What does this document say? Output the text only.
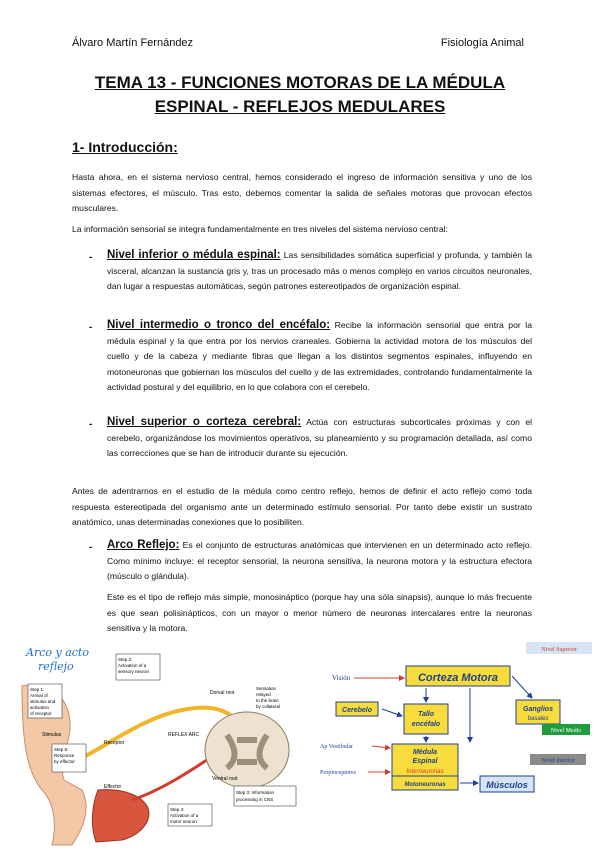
Álvaro Martín Fernández	Fisiología Animal
TEMA 13 - FUNCIONES MOTORAS DE LA MÉDULA
ESPINAL - REFLEJOS MEDULARES
1- Introducción:
Hasta ahora, en el sistema nervioso central, hemos considerado el ingreso de información sensitiva y uno de los sistemas efectores, el músculo. Tras esto, debemos comentar la salida de señales motoras que provocan efectos musculares.
La información sensorial se integra fundamentalmente en tres niveles del sistema nervioso central:
- Nivel inferior o médula espinal: Las sensibilidades somática superficial y profunda, y también la visceral, alcanzan la sustancia gris y, tras un procesado más o menos complejo en varios circuitos neuronales, dan lugar a respuestas automáticas, según patrones estereotipados de organización espinal.
- Nivel intermedio o tronco del encéfalo: Recibe la información sensorial que entra por la médula espinal y la que entra por los nervios craneales. Gobierna la actividad motora de los músculos del cuello y de la cabeza y mediante fibras que llegan a los distintos segmentos espinales, influyendo en motoneuronas que gobiernan los músculos del cuello y de las extremidades, controlando fundamentalmente la actividad postural y del equilibrio, en lo que colabora con el cerebelo.
- Nivel superior o corteza cerebral: Actúa con estructuras subcorticales próximas y con el cerebelo, organizándose los movimientos operativos, su planeamiento y su programación detallada, así como las correcciones que se han de introducir durante su ejecución.
Antes de adentrarnos en el estudio de la médula como centro reflejo, hemos de definir el acto reflejo como toda respuesta estereotipada del organismo ante un determinado estímulo sensorial. Por tanto debe existir un sustrato anatómico, unas determinadas conexiones que lo posibiliten.
- Arco Reflejo: Es el conjunto de estructuras anatómicas que intervienen en un determinado acto reflejo. Como mínimo incluye: el receptor sensorial, la neurona sensitiva, la neurona motora y la estructura efectora (músculo o glándula).
Este es el tipo de reflejo más simple, monosináptico (porque hay una sóla sinapsis), aunque lo más frecuente es que sean polisinápticos, con un mayor o menor número de neuronas intercalares entre la neuronas sensitiva y la motora.
Arco y acto
reflejo
Step 1: Arrival of stimulus and activation of receptor
Step 2: Activation of a sensory neuron
Step 3: Information processing in CNS
Step 4: Activation of a motor neuron
Step 5: Response by effector
Dorsal root
Sensation relayed to the brain by collateral
REFLEX ARC
Receptor
Stimulus
Effector
Ventral root
Corteza Motora
Visión
Cerebelo
Tallo
encéfalo
Ganglios
basales
Médula
Espinal
Interneuronas
Motoneuronas	Músculos
Ap Vestibular
Propioceptores
Nivel Superior
Nivel Medio
Nivel Inferior
